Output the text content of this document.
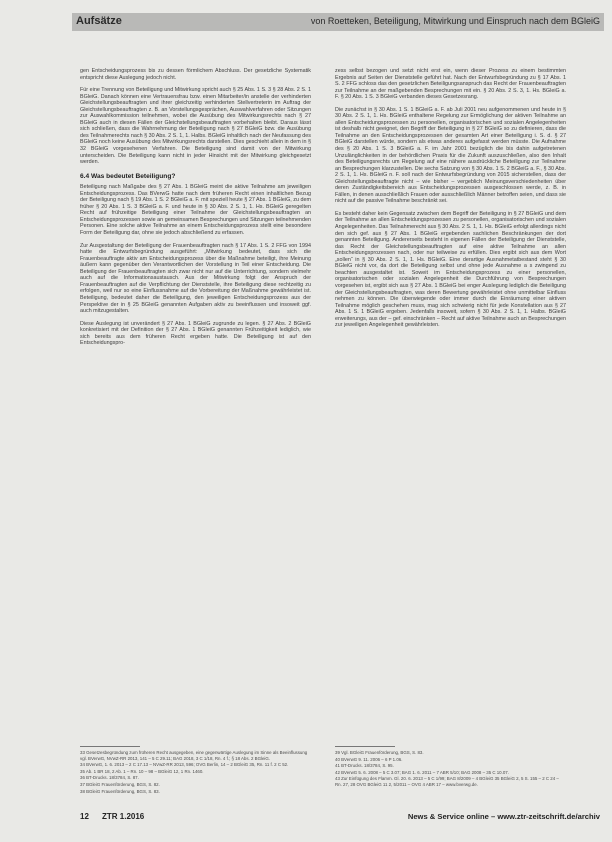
Aufsätze	von Roetteken, Beteiligung, Mitwirkung und Einspruch nach dem BGleiG

gen Entscheidungsprozess bis zu dessen förmlichem Abschluss. Der gesetzliche Systematik entspricht diese Auslegung jedoch nicht.

Für eine Trennung von Beteiligung und Mitwirkung spricht auch § 25 Abs. 1 S. 3 § 28 Abs. 2 S. 1 BGleiG. Danach können eine Vertrauensfrau bzw. einen Mitarbeiter/in anstelle der verhinderten Gleichstellungsbeauftragten und ihrer gleichzeitig verhinderten Stellvertreterin im Auftrag der Gleichstellungsbeauftragten z. B. an Vorstellungsgesprächen, Auswahlverfahren oder Sitzungen zur Auswahlkommission teilnehmen, wobei die Ausübung des Mitwirkungsrechts nach § 27 BGleiG auch in diesen Fällen der Gleichstellungsbeauftragten vorbehalten bleibt. Daraus lässt sich schließen, dass die Wahrnehmung der Beteiligung nach § 27 BGleiG bzw. die Ausübung des Teilnahmerechts nach § 30 Abs. 2 S. 1, 1. Halbs. BGleiG inhaltlich nach der Neufassung des BGleiG noch keine Ausübung des Mitwirkungsrechts darstellen. Dies geschieht allein in dem in § 32 BGleiG vorgesehenen Verfahren. Die Beteiligung sind damit von der Mitwirkung unterscheiden. Die Beteiligung kann nicht in jeder Hinsicht mit der Mitwirkung gleichgesetzt werden.

6.4 Was bedeutet Beteiligung?

Beteiligung nach Maßgabe des § 27 Abs. 1 BGleiG meint die aktive Teilnahme am jeweiligen Entscheidungsprozess. Das BVerwG hatte nach dem früheren Recht einen inhaltlichen Bezug der Beteiligung nach § 19 Abs. 1 S. 2 BGleiG a. F. mit speziell heute § 27 Abs. 1 BGleiG, zu dem früher § 20 Abs. 1 S. 3 BGleiG a. F. und heute in § 30 Abs. 2 S. 1, 1. Hs. BGleiG geregelten Recht auf frühzeitige Beteiligung einer Teilnahme der Gleichstellungsbeauftragten an Entscheidungsprozessen sowie an gemeinsamen Besprechungen und Sitzungen teilnehmenden Personen. Eine solche aktive Teilnahme an einem Entscheidungsprozess stellt eine besondere Form der Beteiligung dar, ohne sie jedoch abschließend zu erfassen.

Zur Ausgestaltung der Beteiligung der Frauenbeauftragten nach § 17 Abs. 1 S. 2 FFG von 1994 hatte die Entwurfsbegründung ausgeführt: „Mitwirkung bedeutet, dass sich die Frauenbeauftragte aktiv am Entscheidungsprozess über die Maßnahme beteiligt, ihre Meinung äußern kann gegenüber den Verantwortlichen der Vorstellung in Teil einer Entscheidung. Die Beteiligung der Frauenbeauftragten sich zwar nicht nur auf die Unterrichtung, sondern vielmehr auch auf die Informationsaustausch. Aus der Mitwirkung folgt der Anspruch der Frauenbeauftragten auf die Verpflichtung der Dienststelle, ihre Beteiligung diese rechtzeitig zu erfolgen, weil nur so eine Einflussnahme auf die Vorbereitung der Maßnahme gewährleistet ist. Beteiligung, bedeutet daher die Beteiligung, den jeweiligen Entscheidungsprozess aus der Perspektive der in § 25 BGleiG genannten Aufgaben aktiv zu beeinflussen und insoweit ggf. auch mitzugestalten.

Diese Auslegung ist unverändert § 27 Abs. 1 BGleiG zugrunde zu legen. § 27 Abs. 2 BGleiG konkretisiert mit der Definition der § 27 Abs. 1 BGleiG genannten Frühzeitigkeit lediglich, wie sich bereits aus dem früheren Recht ergeben hatte. Die Beteiligung ist auf den Entscheidungspro-

zess selbst bezogen und setzt nicht erst ein, wenn dieser Prozess zu einem bestimmten Ergebnis auf Seiten der Dienststelle geführt hat. Nach der Entwurfsbegründung zu § 17 Abs. 1 S. 2 FFG schloss das den gesetzlichen Beteiligungsanspruch das Recht der Frauenbeauftragten zur Teilnahme an der maßgebenden Besprechungen mit ein. § 20 Abs. 2 S. 3, 1. Hs. BGleiG a. F. § 20 Abs. 1 S. 3 BGleiG verbanden dieses Gesetzesrang.

Die zunächst in § 30 Abs. 1 S. 1 BGleiG a. F. ab Juli 2001 neu aufgenommenen und heute in § 30 Abs. 2 S. 1, 1. Hs. BGleiG enthaltene Regelung zur Ermöglichung der aktiven Teilnahme an allen Entscheidungsprozessen zu personellen, organisatorischen und sozialen Angelegenheiten ist deshalb nicht geeignet, den Begriff der Beteiligung in § 27 BGleiG so zu definieren, dass die Teilnahme an den Entscheidungsprozessen der gesamten Art einer Beteiligung i. S. d. § 27 BGleiG darstellen würde, sondern als etwas anderes aufgefasst werden müsste. Die Aufnahme des § 20 Abs. 1 S. 3 BGleiG a. F. im Jahr 2001 bezüglich die bis dahin aufgetretenen Unzulänglichkeiten in der behördlichen Praxis für die Zukunft auszuschließen, also den Inhalt des Beteiligungsrechts um Regelung auf eine nähere ausdrückliche Beteiligung zur Teilnahme an Besprechungen klarzustellen. Die sechs Satzung von § 30 Abs. 1 S. 2 BGleiG a. F., § 30 Abs. 2 S. 1, 1. Hs. BGleiG n. F. soll nach der Entwurfsbegründung von 2015 sicherstellen, dass der Gleichstellungsbeauftragte nicht – wie bisher – vergeblich Meinungsverschiedenheiten über deren Zuständigkeitsbereich aus Entscheidungsprozessen ausgeschlossen werde, z. B. in Fällen, in denen ausschließlich Frauen oder ausschließlich Männer betroffen seien, und dass sie nicht auf die passive Teilnahme beschränkt sei.

Es besteht daher kein Gegensatz zwischen dem Begriff der Beteiligung in § 27 BGleiG und dem der Teilnahme an allen Entscheidungsprozessen zu personellen, organisatorischen und sozialen Angelegenheiten. Das Teilnahmerecht aus § 30 Abs. 2 S. 1, 1. Hs. BGleiG erfolgt allerdings nicht den sich gef. aus § 27 Abs. 1 BGleiG ergebenden sachlichen Beschränkungen der dort genannten Beteiligung. Andererseits besteht in eigenen Fällen der Beteiligung der Dienststelle, das Recht der Gleichstellungsbeauftragten auf eine aktive Teilnahme an allen Entscheidungsprozessen nach, oder nur teilweise zu erfüllen. Dies ergibt sich aus dem Wort „sollen“ in § 30 Abs. 2 S. 1, 1. Hs. BGleiG. Eine derartige Ausnahmetatbestand steht § 30 BGleiG nicht vor, da dort die Beteiligung selbst und ohne jede Ausnahme a s zwingend zu beachten ausgestaltet ist. Soweit im Entscheidungsprozess zu einer personellen, organisatorischen oder sozialen Angelegenheit die Durchführung von Besprechungen vorgesehen ist, ergibt sich aus § 27 Abs. 1 BGleiG bei enger Auslegung lediglich die Beteiligung der Gleichstellungsbeauftragten, was deren Bewertung gewährleistet ohne unmittelbar Einfluss nehmen zu können. Die überwiegende oder immer durch die Einräumung einer aktiven Teilnahme möglich geschehen muss, mag sich schwierig nicht für jede Konstellation aus § 27 Abs. 1 S. 1 BGleiG ergeben. Jedenfalls insoweit, sofern § 30 Abs. 2 S. 1, 1. Halbs. BGleiG erweiterungs, aus der – gef. einschränken – Recht auf aktive Teilnahme auch an Besprechungen zur jeweiligen Angelegenheit gewährleisten.

33 Gesetzesbegründung zum früheren Recht ausgegeben, eine gegenwärtige Auslegung im Sinne als Beeinflussung vgl. BVerwG, NVwZ-RR 2013, 141 – 5 C 29.11; BAG 2018, 3 C 1/18, Rn. 4 f.; § 18 Abs. 2 BGleiG.
34 BVerwG, 1. 6. 2013 – 2 C 17.13 – NVwZ-RR 2013, 596; OVG Berlin, 14 – 2 BGleiG 35, Rn. 11 f. 2 C 52.
35 Ab. 1 BR 18, 2 Ab. 1 – Rn. 10 – 98 – BGleiG 12, 1 Rn. 1460.
36 BT-Drucks. 18/3784, S. 87.
37 BGleiG Frauenförderung, BGS, S. 82.
38 BGleiG Frauenförderung, BGS, S. 83.
39 Vgl. BGleiG Frauenförderung, BGS, S. 83.
40 BVerwG 9. 11. 2006 – 6 P 1.06.
41 BT-Drucks. 18/3784, S. 95.
42 BVerwG 5. 6. 2008 – 5 C 3.07; BAG 1. 6. 2011 – 7 ABR 5/10; BAG 2008 – 35 C 10.07.
43 Zur Einfügung des Flamm. Gl. 20. 6. 2013 – 5 C 1/99; BAG 8/2009 – 4 BGleiG 35 BGleiG 2, 5 S. 155 – 2 C 24 – Rn. 27, 28 OVG BGleiG 11 2, 5/2011 – OVG 4 ABR 17 – www.bverwg.de.
12 ZTR 1.2016	News & Service online – www.ztr-zeitschrift.de/archiv
